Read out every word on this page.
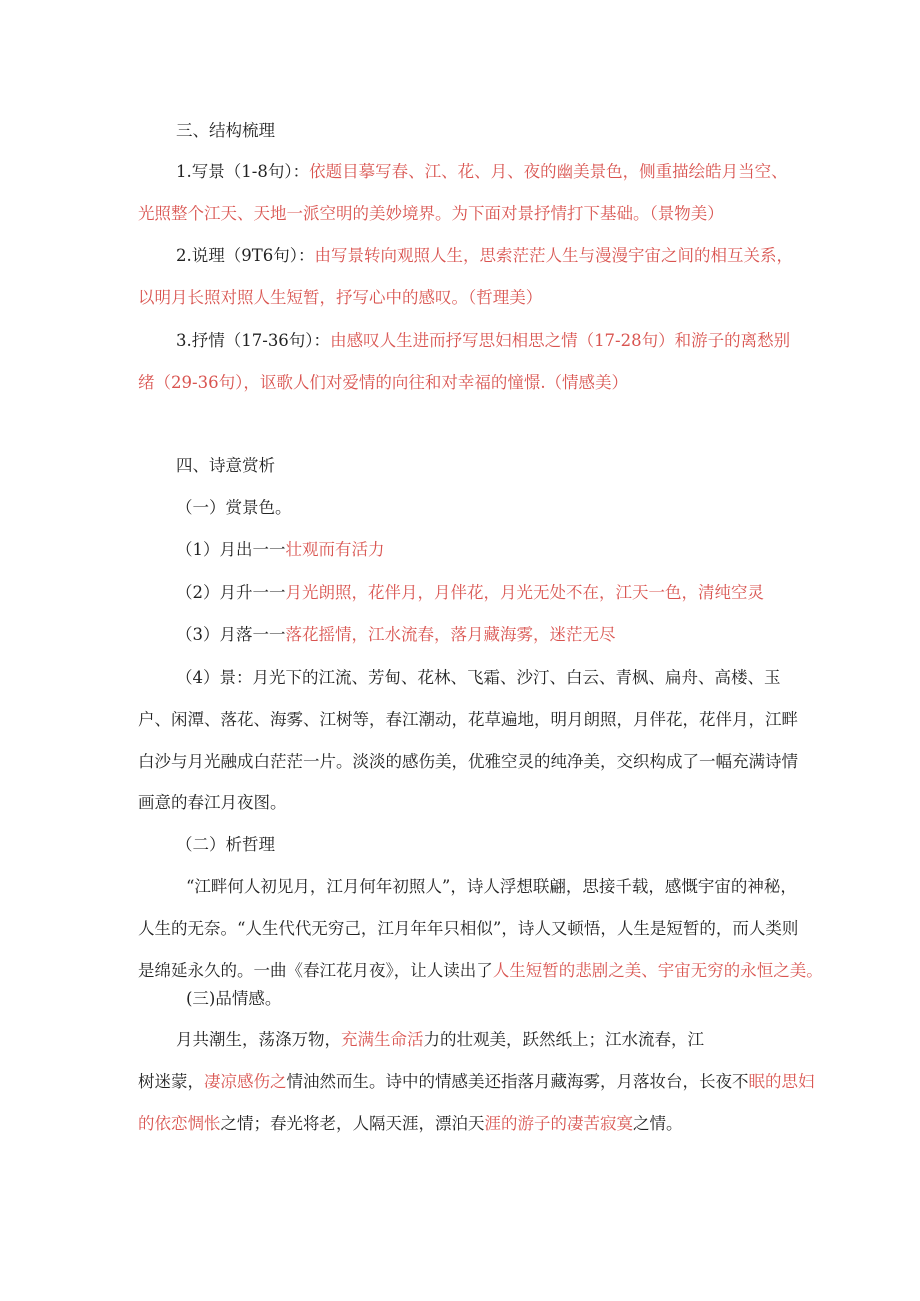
三、结构梳理
1.写景（1-8句）：依题目摹写春、江、花、月、夜的幽美景色，侧重描绘皓月当空、
光照整个江天、天地一派空明的美妙境界。为下面对景抒情打下基础。（景物美）
2.说理（9T6句）：由写景转向观照人生，思索茫茫人生与漫漫宇宙之间的相互关系，
以明月长照对照人生短暂，抒写心中的感叹。（哲理美）
3.抒情（17-36句）：由感叹人生进而抒写思妇相思之情（17-28句）和游子的离愁别
绪（29-36句），讴歌人们对爱情的向往和对幸福的憧憬.（情感美）
四、诗意赏析
（一）赏景色。
（1）月出一一壮观而有活力
（2）月升一一月光朗照，花伴月，月伴花，月光无处不在，江天一色，清纯空灵
（3）月落一一落花摇情，江水流春，落月藏海雾，迷茫无尽
（4）景：月光下的江流、芳甸、花林、飞霜、沙汀、白云、青枫、扁舟、高楼、玉
户、闲潭、落花、海雾、江树等，春江潮动，花草遍地，明月朗照，月伴花，花伴月，江畔
白沙与月光融成白茫茫一片。淡淡的感伤美，优雅空灵的纯净美，交织构成了一幅充满诗情
画意的春江月夜图。
（二）析哲理
“江畔何人初见月，江月何年初照人”，诗人浮想联翩，思接千载，感慨宇宙的神秘，
人生的无奈。“人生代代无穷己，江月年年只相似”，诗人又顿悟，人生是短暂的，而人类则
是绵延永久的。一曲《春江花月夜》，让人读出了人生短暂的悲剧之美、宇宙无穷的永恒之美。
(三)品情感。
月共潮生，荡涤万物，充满生命活力的壮观美，跃然纸上；江水流春，江
树迷蒙，凄凉感伤之情油然而生。诗中的情感美还指落月藏海雾，月落妆台，长夜不眠的思妇
的依恋惆怅之情；春光将老，人隔天涯，漂泊天涯的游子的凄苦寂寞之情。
